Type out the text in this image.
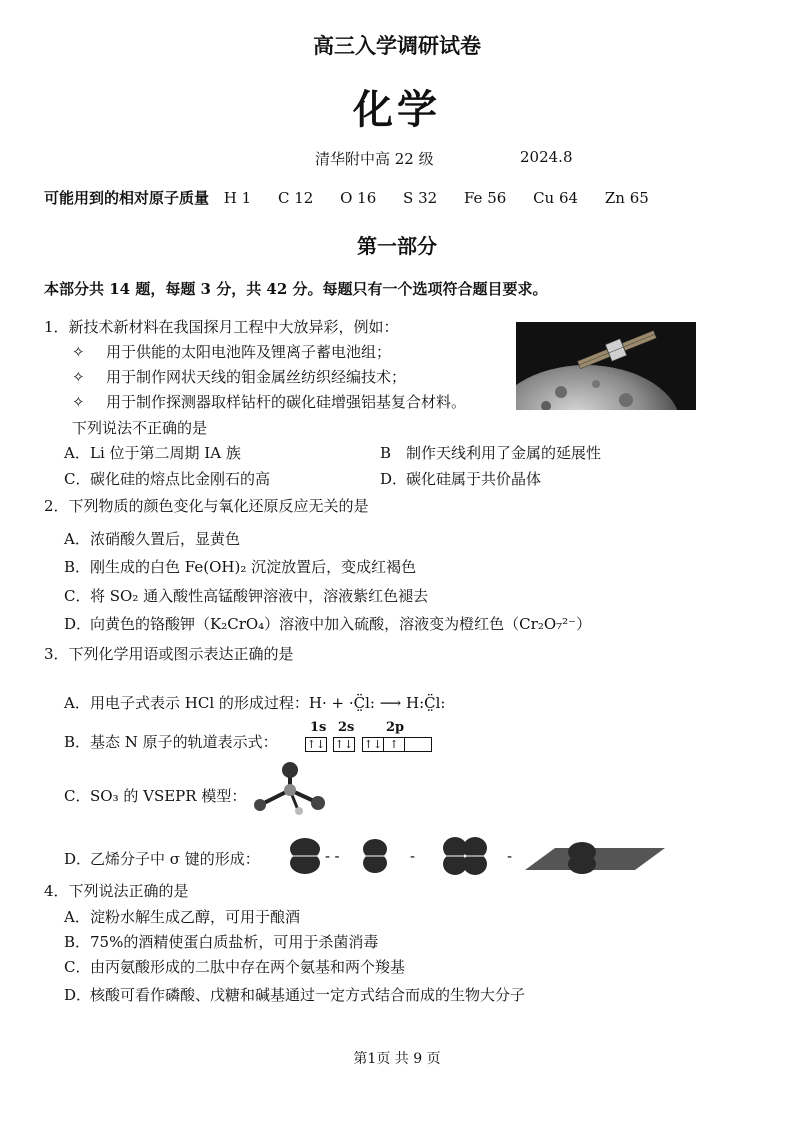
高三入学调研试卷
化学
清华附中高 22 级	2024.8
可能用到的相对原子质量 H 1 C 12 O 16 S 32 Fe 56 Cu 64 Zn 65
第一部分
本部分共 14 题，每题 3 分，共 42 分。每题只有一个选项符合题目要求。
1．新技术新材料在我国探月工程中大放异彩，例如：
✧ 用于供能的太阳电池阵及锂离子蓄电池组；
✧ 用于制作网状天线的钼金属丝纺织经编技术；
✧ 用于制作探测器取样钻杆的碳化硅增强铝基复合材料。
下列说法不正确的是
A．Li 位于第二周期 IA 族	B 制作天线利用了金属的延展性
C．碳化硅的熔点比金刚石的高	D．碳化硅属于共价晶体
2．下列物质的颜色变化与氧化还原反应无关的是
A．浓硝酸久置后，显黄色
B．刚生成的白色 Fe(OH)₂ 沉淀放置后，变成红褐色
C．将 SO₂ 通入酸性高锰酸钾溶液中，溶液紫红色褪去
D．向黄色的铬酸钾（K₂CrO₄）溶液中加入硫酸，溶液变为橙红色（Cr₂O₇²⁻）
3．下列化学用语或图示表达正确的是
A．用电子式表示 HCl 的形成过程：H· + ·C̤̈l: ⟶ H:C̤̈l:
B．基态 N 原子的轨道表示式：
1s 2s 2p
↑↓ ↑↓ ↑↓ ↑
C．SO₃ 的 VSEPR 模型：
D．乙烯分子中 σ 键的形成：	- -	-	-
4．下列说法正确的是
A．淀粉水解生成乙醇，可用于酿酒
B．75%的酒精使蛋白质盐析，可用于杀菌消毒
C．由丙氨酸形成的二肽中存在两个氨基和两个羧基
D．核酸可看作磷酸、戊糖和碱基通过一定方式结合而成的生物大分子
第1页 共 9 页
